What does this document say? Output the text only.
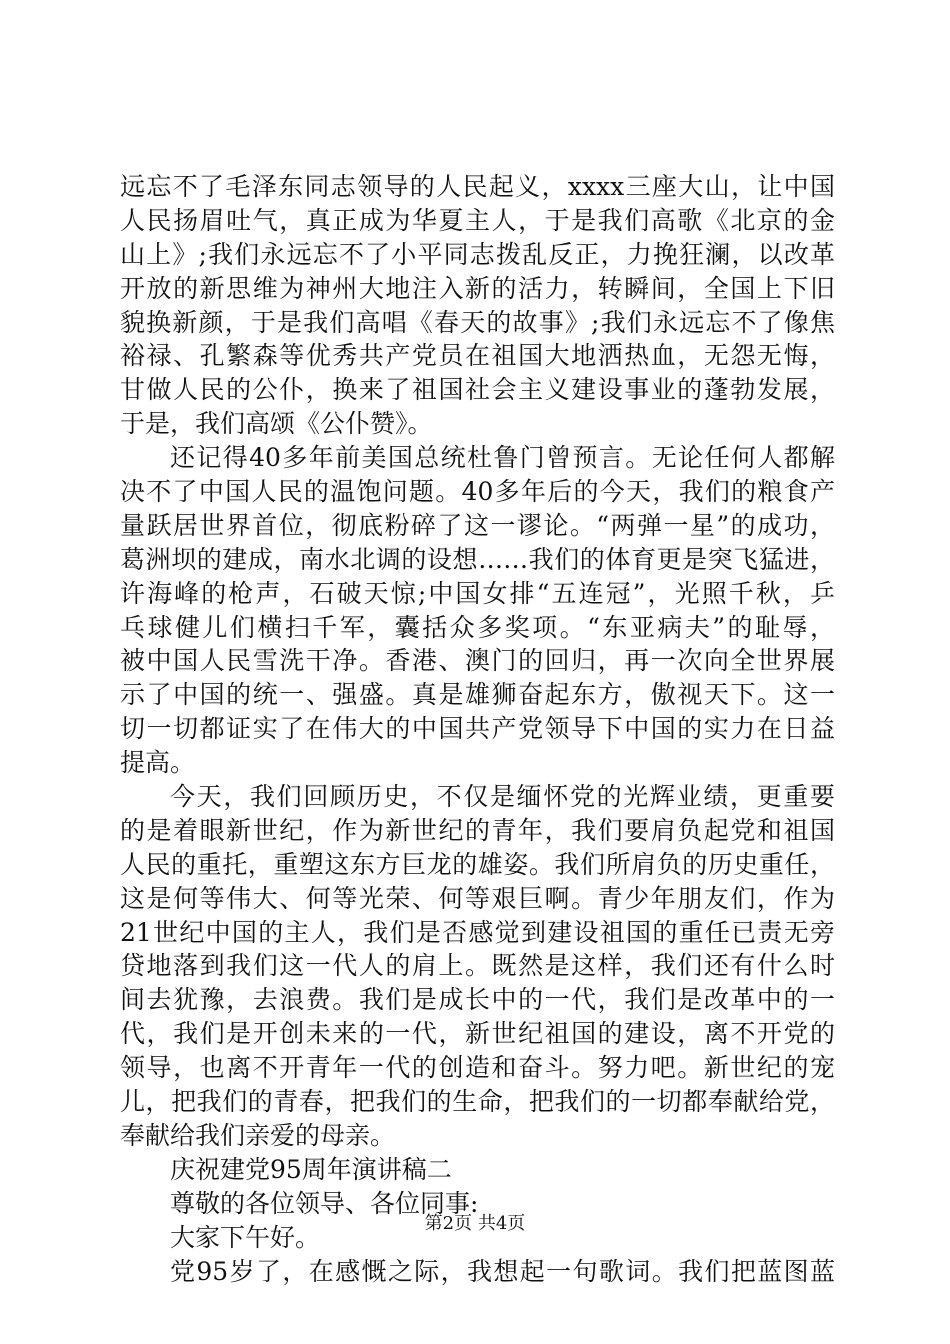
远忘不了毛泽东同志领导的人民起义，xxxx三座大山，让中国
人民扬眉吐气，真正成为华夏主人，于是我们高歌《北京的金
山上》;我们永远忘不了小平同志拨乱反正，力挽狂澜，以改革
开放的新思维为神州大地注入新的活力，转瞬间，全国上下旧
貌换新颜，于是我们高唱《春天的故事》;我们永远忘不了像焦
裕禄、孔繁森等优秀共产党员在祖国大地洒热血，无怨无悔，
甘做人民的公仆，换来了祖国社会主义建设事业的蓬勃发展，
于是，我们高颂《公仆赞》。
还记得40多年前美国总统杜鲁门曾预言。无论任何人都解
决不了中国人民的温饱问题。40多年后的今天，我们的粮食产
量跃居世界首位，彻底粉碎了这一谬论。“两弹一星”的成功，
葛洲坝的建成，南水北调的设想……我们的体育更是突飞猛进，
许海峰的枪声，石破天惊;中国女排“五连冠”，光照千秋，乒
乓球健儿们横扫千军，囊括众多奖项。“东亚病夫”的耻辱，
被中国人民雪洗干净。香港、澳门的回归，再一次向全世界展
示了中国的统一、强盛。真是雄狮奋起东方，傲视天下。这一
切一切都证实了在伟大的中国共产党领导下中国的实力在日益
提高。
今天，我们回顾历史，不仅是缅怀党的光辉业绩，更重要
的是着眼新世纪，作为新世纪的青年，我们要肩负起党和祖国
人民的重托，重塑这东方巨龙的雄姿。我们所肩负的历史重任，
这是何等伟大、何等光荣、何等艰巨啊。青少年朋友们，作为
21世纪中国的主人，我们是否感觉到建设祖国的重任已责无旁
贷地落到我们这一代人的肩上。既然是这样，我们还有什么时
间去犹豫，去浪费。我们是成长中的一代，我们是改革中的一
代，我们是开创未来的一代，新世纪祖国的建设，离不开党的
领导，也离不开青年一代的创造和奋斗。努力吧。新世纪的宠
儿，把我们的青春，把我们的生命，把我们的一切都奉献给党，
奉献给我们亲爱的母亲。
庆祝建党95周年演讲稿二
尊敬的各位领导、各位同事:
大家下午好。
党95岁了，在感慨之际，我想起一句歌词。我们把蓝图蓝
第2页 共4页
